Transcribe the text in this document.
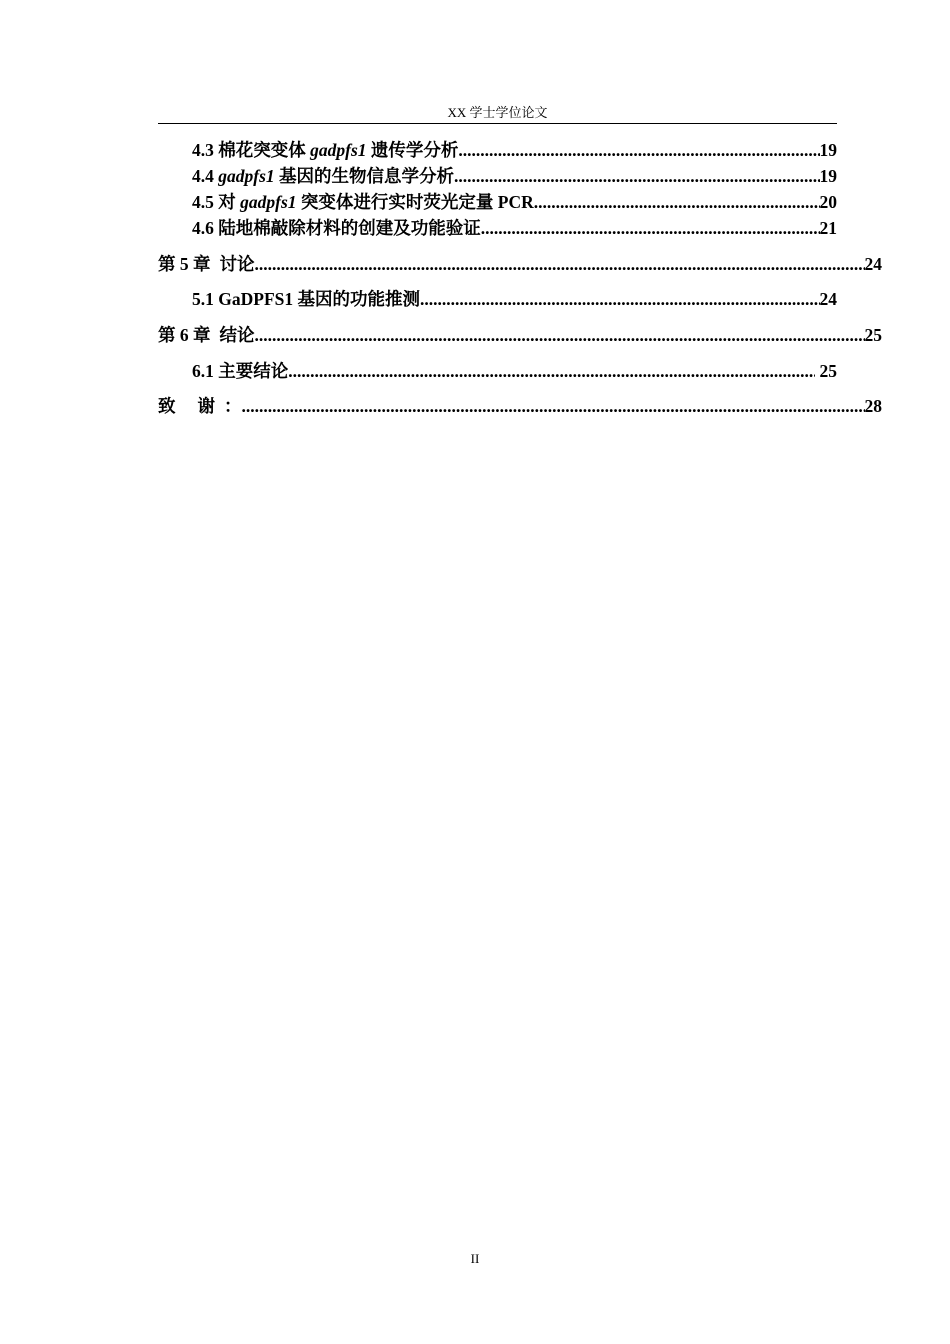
XX 学士学位论文
4.3 棉花突变体 gadpfs1 遗传学分析 .....	19
4.4 gadpfs1 基因的生物信息学分析 .....	19
4.5 对 gadpfs1 突变体进行实时荧光定量 PCR .....	20
4.6 陆地棉敲除材料的创建及功能验证 .....	21
第 5 章 讨论 .....	24
5.1 GaDPFS1 基因的功能推测 .....	24
第 6 章 结论 .....	25
6.1 主要结论 .....	25
致 谢 ： .....	28
II
